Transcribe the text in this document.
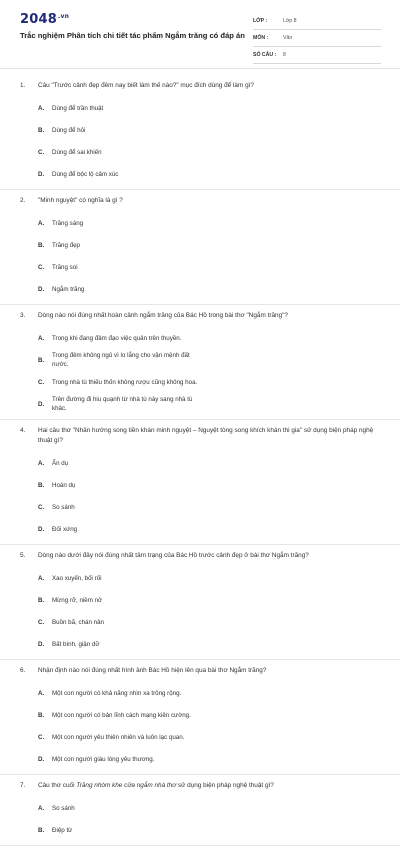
$2048^{.vn}$
Trắc nghiệm Phân tích chi tiết tác phẩm Ngắm trăng có đáp án
LỚP :	Lớp 8
MÔN :	Văn
SỐ CÂU :	8
1.	Câu "Trước cảnh đẹp đêm nay biết làm thế nào?" mục đích dùng để làm gì?
A.	Dùng để trần thuật
B.	Dùng để hỏi
C.	Dùng để sai khiến
D.	Dùng để bộc lộ cảm xúc
2.	"Minh nguyệt" có nghĩa là gì ?
A.	Trăng sáng
B.	Trăng đẹp
C.	Trăng soi
D.	Ngắm trăng
3.	Dòng nào nói đúng nhất hoàn cảnh ngắm trăng của Bác Hồ trong bài thơ "Ngắm trăng"?
A.	Trong khi đang đảm đạo việc quân trên thuyền.
B.
Trong đêm không ngủ vì lo lắng cho vận mệnh đất nước.
C.	Trong nhà tù thiếu thốn không rượu cũng không hoa.
D.
Trên đường đi hiu quạnh từ nhà tù này sang nhà tù khác.
4.	Hai câu thơ "Nhân hướng song tiền khán minh nguyệt – Nguyệt tòng song khích khán thi gia" sử dụng biện pháp nghệ thuật gì?
A.	Ẩn dụ
B.	Hoán dụ
C.	So sánh
D.	Đối xứng
5.	Dòng nào dưới đây nói đúng nhất tâm trạng của Bác Hồ trước cảnh đẹp ở bài thơ Ngắm trăng?
A.	Xao xuyến, bối rối
B.	Mừng rỡ, niềm nở
C.	Buồn bã, chán nản
D.	Bất bình, giận dữ
6.	Nhận định nào nói đúng nhất hình ảnh Bác Hồ hiện lên qua bài thơ Ngắm trăng?
A.	Một con người có khả năng nhìn xa trông rộng.
B.	Một con người có bản lĩnh cách mạng kiên cường.
C.	Một con người yêu thiên nhiên và luôn lạc quan.
D.	Một con người giàu lòng yêu thương.
7.	Câu thơ cuối Trăng nhòm khe cửa ngắm nhà thơ sử dụng biện pháp nghệ thuật gì?
A.	So sánh
B.	Điệp từ
